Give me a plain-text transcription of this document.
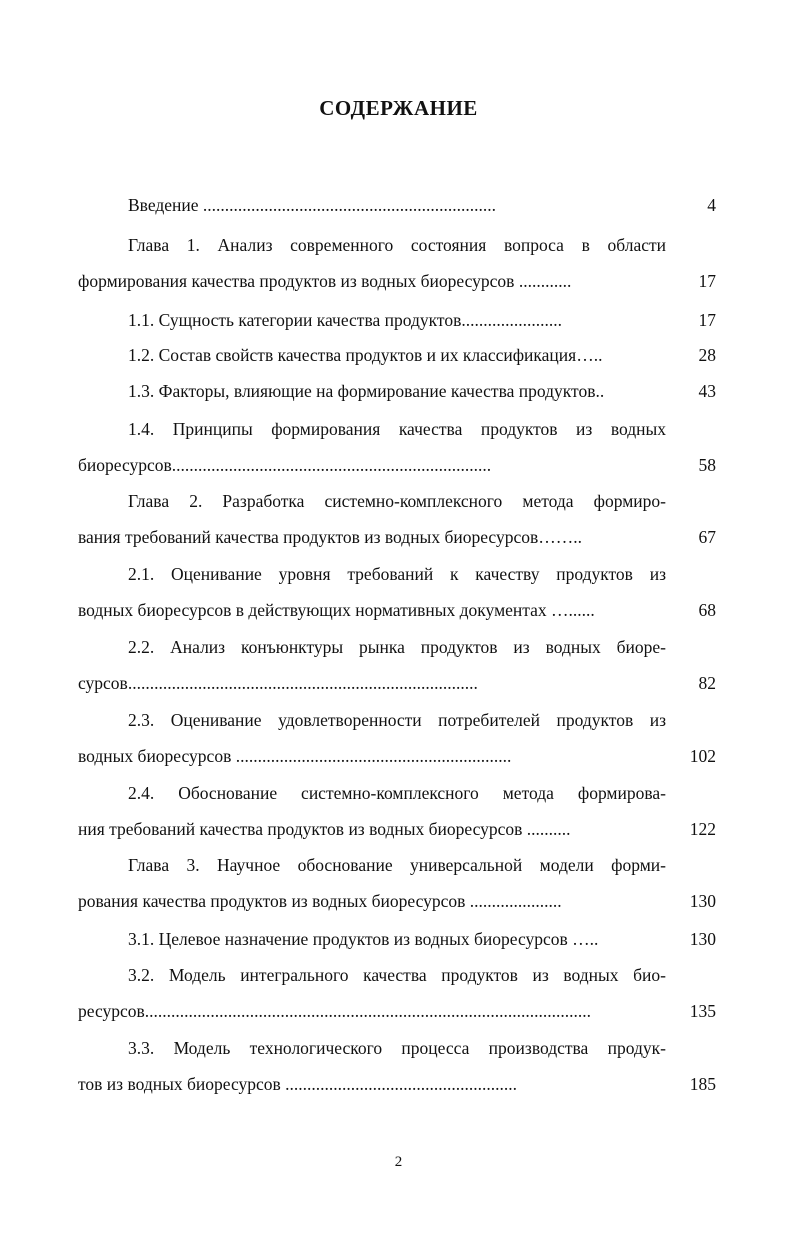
СОДЕРЖАНИЕ
Введение ...................................................................	4
Глава 1. Анализ современного состояния вопроса в области
формирования качества продуктов из водных биоресурсов ............	17
1.1. Сущность категории качества продуктов.......................	17
1.2. Состав свойств качества продуктов и их классификация…..	28
1.3. Факторы, влияющие на формирование качества продуктов..	43
1.4. Принципы формирования качества продуктов из водных
биоресурсов.........................................................................	58
Глава 2. Разработка системно-комплексного метода формиро-
вания требований качества продуктов из водных биоресурсов……..	67
2.1. Оценивание уровня требований к качеству продуктов из
водных биоресурсов в действующих нормативных документах …......	68
2.2. Анализ конъюнктуры рынка продуктов из водных биоре-
сурсов................................................................................	82
2.3. Оценивание удовлетворенности потребителей продуктов из
водных биоресурсов ...............................................................	102
2.4. Обоснование системно-комплексного метода формирова-
ния требований качества продуктов из водных биоресурсов ..........	122
Глава 3. Научное обоснование универсальной модели форми-
рования качества продуктов из водных биоресурсов .....................	130
3.1. Целевое назначение продуктов из водных биоресурсов …..	130
3.2. Модель интегрального качества продуктов из водных био-
ресурсов......................................................................................................	135
3.3. Модель технологического процесса производства продук-
тов из водных биоресурсов .....................................................	185
2
